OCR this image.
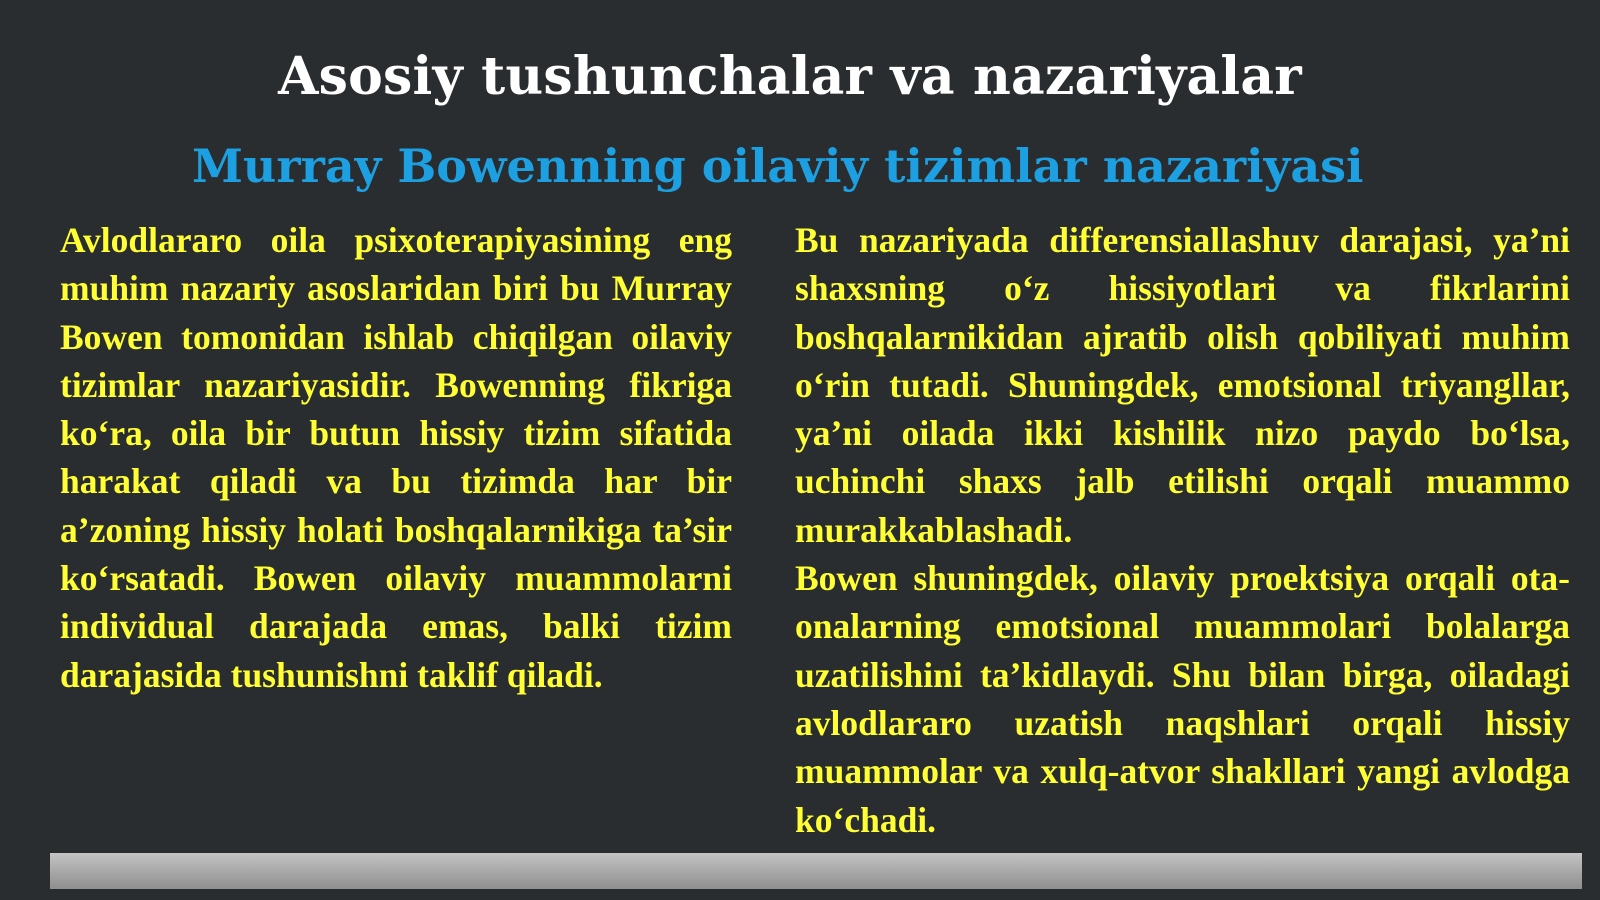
Asosiy tushunchalar va nazariyalar
Murray Bowenning oilaviy tizimlar nazariyasi

Avlodlararo oila psixoterapiyasining eng muhim nazariy asoslaridan biri bu Murray Bowen tomonidan ishlab chiqilgan oilaviy tizimlar nazariyasidir. Bowenning fikriga ko‘ra, oila bir butun hissiy tizim sifatida harakat qiladi va bu tizimda har bir a’zoning hissiy holati boshqalarnikiga ta’sir ko‘rsatadi. Bowen oilaviy muammolarni individual darajada emas, balki tizim darajasida tushunishni taklif qiladi.

Bu nazariyada differensiallashuv darajasi, ya’ni shaxsning o‘z hissiyotlari va fikrlarini boshqalarnikidan ajratib olish qobiliyati muhim o‘rin tutadi. Shuningdek, emotsional triyangllar, ya’ni oilada ikki kishilik nizo paydo bo‘lsa, uchinchi shaxs jalb etilishi orqali muammo murakkablashadi.

Bowen shuningdek, oilaviy proektsiya orqali ota-onalarning emotsional muammolari bolalarga uzatilishini ta’kidlaydi. Shu bilan birga, oiladagi avlodlararo uzatish naqshlari orqali hissiy muammolar va xulq-atvor shakllari yangi avlodga ko‘chadi.
